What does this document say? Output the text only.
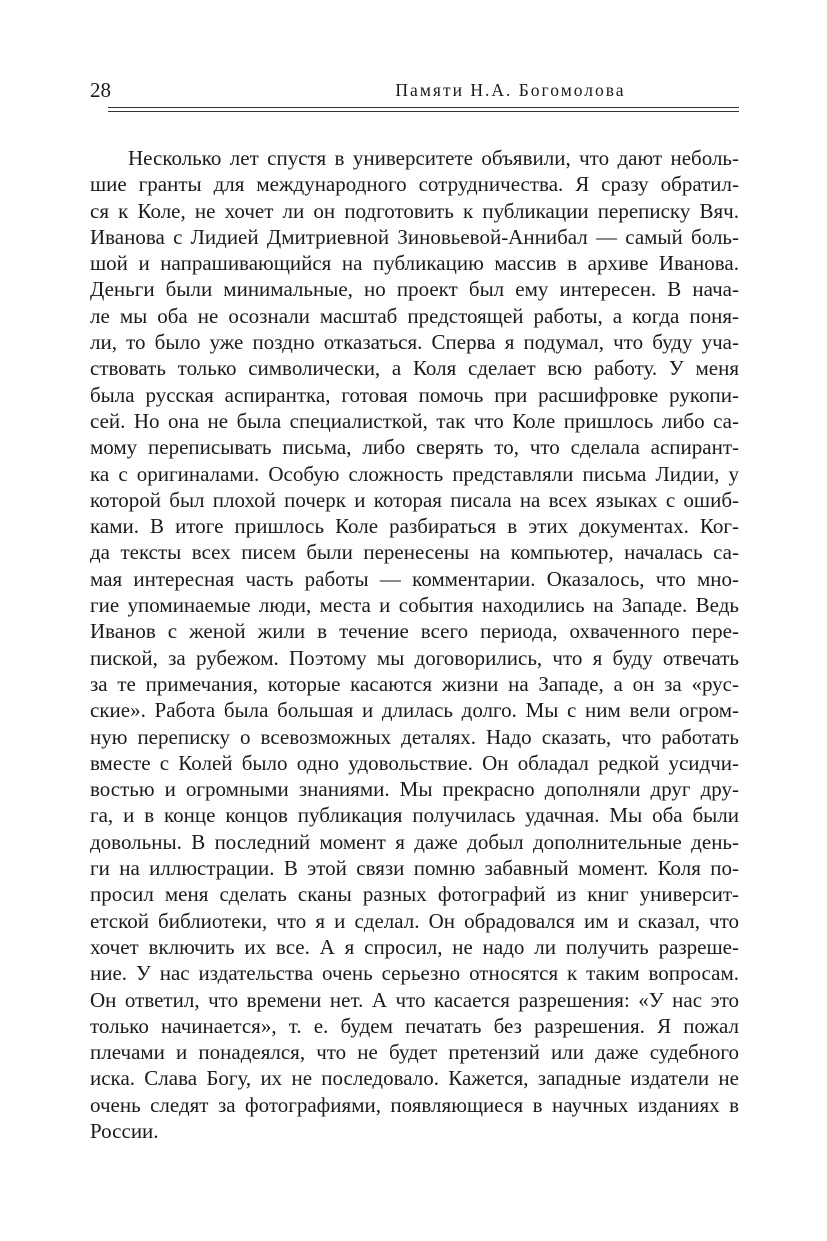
28	Памяти Н.А. Богомолова
Несколько лет спустя в университете объявили, что дают неболь-
шие гранты для международного сотрудничества. Я сразу обратил-
ся к Коле, не хочет ли он подготовить к публикации переписку Вяч.
Иванова с Лидией Дмитриевной Зиновьевой-Аннибал — самый боль-
шой и напрашивающийся на публикацию массив в архиве Иванова.
Деньги были минимальные, но проект был ему интересен. В нача-
ле мы оба не осознали масштаб предстоящей работы, а когда поня-
ли, то было уже поздно отказаться. Сперва я подумал, что буду уча-
ствовать только символически, а Коля сделает всю работу. У меня
была русская аспирантка, готовая помочь при расшифровке рукопи-
сей. Но она не была специалисткой, так что Коле пришлось либо са-
мому переписывать письма, либо сверять то, что сделала аспирант-
ка с оригиналами. Особую сложность представляли письма Лидии, у
которой был плохой почерк и которая писала на всех языках с ошиб-
ками. В итоге пришлось Коле разбираться в этих документах. Ког-
да тексты всех писем были перенесены на компьютер, началась са-
мая интересная часть работы — комментарии. Оказалось, что мно-
гие упоминаемые люди, места и события находились на Западе. Ведь
Иванов с женой жили в течение всего периода, охваченного пере-
пиской, за рубежом. Поэтому мы договорились, что я буду отвечать
за те примечания, которые касаются жизни на Западе, а он за «рус-
ские». Работа была большая и длилась долго. Мы с ним вели огром-
ную переписку о всевозможных деталях. Надо сказать, что работать
вместе с Колей было одно удовольствие. Он обладал редкой усидчи-
востью и огромными знаниями. Мы прекрасно дополняли друг дру-
га, и в конце концов публикация получилась удачная. Мы оба были
довольны. В последний момент я даже добыл дополнительные день-
ги на иллюстрации. В этой связи помню забавный момент. Коля по-
просил меня сделать сканы разных фотографий из книг университ-
етской библиотеки, что я и сделал. Он обрадовался им и сказал, что
хочет включить их все. А я спросил, не надо ли получить разреше-
ние. У нас издательства очень серьезно относятся к таким вопросам.
Он ответил, что времени нет. А что касается разрешения: «У нас это
только начинается», т. е. будем печатать без разрешения. Я пожал
плечами и понадеялся, что не будет претензий или даже судебного
иска. Слава Богу, их не последовало. Кажется, западные издатели не
очень следят за фотографиями, появляющиеся в научных изданиях в
России.
